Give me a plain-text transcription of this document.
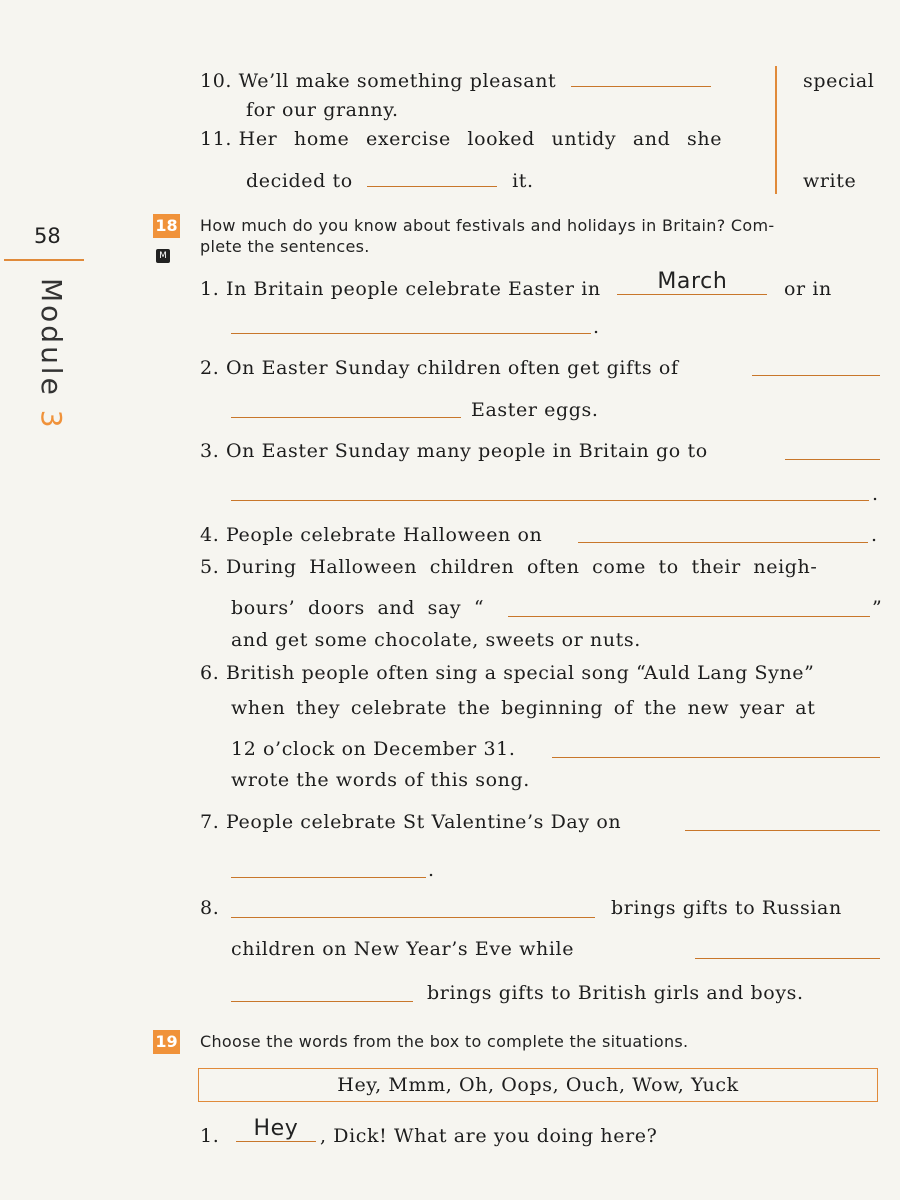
58
Module 3
special
write
10. We’ll make something pleasant
for our granny.
11. Her home exercise looked untidy and she
decided to	it.
18
M
How much do you know about festivals and holidays in Britain? Com-
plete the sentences.
1. In Britain people celebrate Easter in	March	or in
.
2. On Easter Sunday children often get gifts of
Easter eggs.
3. On Easter Sunday many people in Britain go to
.
4. People celebrate Halloween on	.
5. During Halloween children often come to their neigh-
bours’ doors and say “	”
and get some chocolate, sweets or nuts.
6. British people often sing a special song “Auld Lang Syne”
when they celebrate the beginning of the new year at
12 o’clock on December 31.
wrote the words of this song.
7. People celebrate St Valentine’s Day on
.
8.	brings gifts to Russian
children on New Year’s Eve while
brings gifts to British girls and boys.
19 Choose the words from the box to complete the situations.
Hey, Mmm, Oh, Oops, Ouch, Wow, Yuck
1.	Hey	, Dick! What are you doing here?
